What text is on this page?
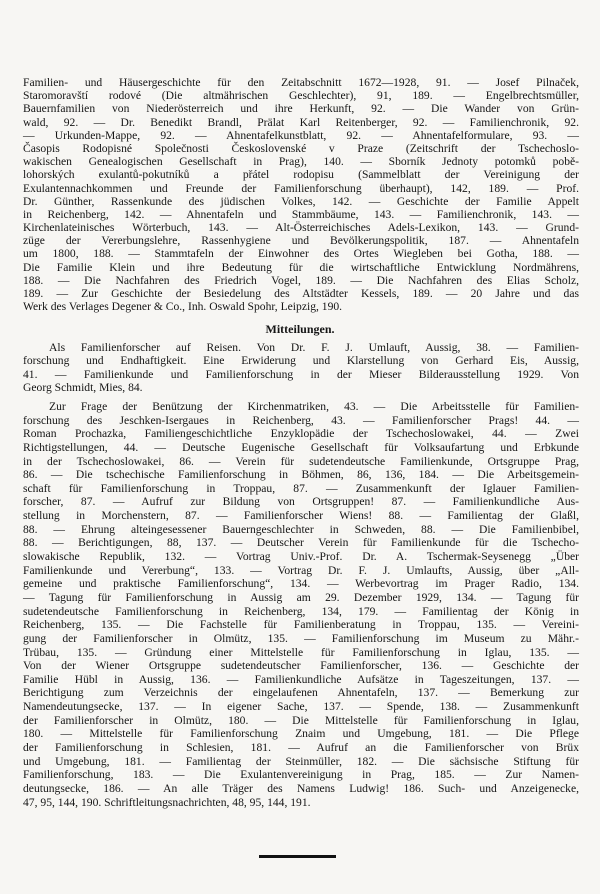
Familien- und Häusergeschichte für den Zeitabschnitt 1672—1928, 91. — Josef Pilnaček,
Staromoravští rodové (Die altmährischen Geschlechter), 91, 189. — Engelbrechtsmüller,
Bauernfamilien von Niederösterreich und ihre Herkunft, 92. — Die Wander von Grün-
wald, 92. — Dr. Benedikt Brandl, Prälat Karl Reitenberger, 92. — Familienchronik, 92.
— Urkunden-Mappe, 92. — Ahnentafelkunstblatt, 92. — Ahnentafelformulare, 93. —
Časopis Rodopisné Společnosti Československé v Praze (Zeitschrift der Tschechoslo-
wakischen Genealogischen Gesellschaft in Prag), 140. — Sborník Jednoty potomků pobě-
lohorských exulantů-pokutníků a přátel rodopisu (Sammelblatt der Vereinigung der
Exulantennachkommen und Freunde der Familienforschung überhaupt), 142, 189. — Prof.
Dr. Günther, Rassenkunde des jüdischen Volkes, 142. — Geschichte der Familie Appelt
in Reichenberg, 142. — Ahnentafeln und Stammbäume, 143. — Familienchronik, 143. —
Kirchenlateinisches Wörterbuch, 143. — Alt-Österreichisches Adels-Lexikon, 143. — Grund-
züge der Vererbungslehre, Rassenhygiene und Bevölkerungspolitik, 187. — Ahnentafeln
um 1800, 188. — Stammtafeln der Einwohner des Ortes Wiegleben bei Gotha, 188. —
Die Familie Klein und ihre Bedeutung für die wirtschaftliche Entwicklung Nordmährens,
188. — Die Nachfahren des Friedrich Vogel, 189. — Die Nachfahren des Elias Scholz,
189. — Zur Geschichte der Besiedelung des Altstädter Kessels, 189. — 20 Jahre und das
Werk des Verlages Degener & Co., Inh. Oswald Spohr, Leipzig, 190.
Mitteilungen.
Als Familienforscher auf Reisen. Von Dr. F. J. Umlauft, Aussig, 38. — Familien-
forschung und Endhaftigkeit. Eine Erwiderung und Klarstellung von Gerhard Eis, Aussig,
41. — Familienkunde und Familienforschung in der Mieser Bilderausstellung 1929. Von
Georg Schmidt, Mies, 84.
Zur Frage der Benützung der Kirchenmatriken, 43. — Die Arbeitsstelle für Familien-
forschung des Jeschken-Isergaues in Reichenberg, 43. — Familienforscher Prags! 44. —
Roman Prochazka, Familiengeschichtliche Enzyklopädie der Tschechoslowakei, 44. — Zwei
Richtigstellungen, 44. — Deutsche Eugenische Gesellschaft für Volksaufartung und Erbkunde
in der Tschechoslowakei, 86. — Verein für sudetendeutsche Familienkunde, Ortsgruppe Prag,
86. — Die tschechische Familienforschung in Böhmen, 86, 136, 184. — Die Arbeitsgemein-
schaft für Familienforschung in Troppau, 87. — Zusammenkunft der Iglauer Familien-
forscher, 87. — Aufruf zur Bildung von Ortsgruppen! 87. — Familienkundliche Aus-
stellung in Morchenstern, 87. — Familienforscher Wiens! 88. — Familientag der Glaßl,
88. — Ehrung alteingesessener Bauerngeschlechter in Schweden, 88. — Die Familienbibel,
88. — Berichtigungen, 88, 137. — Deutscher Verein für Familienkunde für die Tschecho-
slowakische Republik, 132. — Vortrag Univ.-Prof. Dr. A. Tschermak-Seysenegg „Über
Familienkunde und Vererbung“, 133. — Vortrag Dr. F. J. Umlaufts, Aussig, über „All-
gemeine und praktische Familienforschung“, 134. — Werbevortrag im Prager Radio, 134.
— Tagung für Familienforschung in Aussig am 29. Dezember 1929, 134. — Tagung für
sudetendeutsche Familienforschung in Reichenberg, 134, 179. — Familientag der König in
Reichenberg, 135. — Die Fachstelle für Familienberatung in Troppau, 135. — Vereini-
gung der Familienforscher in Olmütz, 135. — Familienforschung im Museum zu Mähr.-
Trübau, 135. — Gründung einer Mittelstelle für Familienforschung in Iglau, 135. —
Von der Wiener Ortsgruppe sudetendeutscher Familienforscher, 136. — Geschichte der
Familie Hübl in Aussig, 136. — Familienkundliche Aufsätze in Tageszeitungen, 137. —
Berichtigung zum Verzeichnis der eingelaufenen Ahnentafeln, 137. — Bemerkung zur
Namendeutungsecke, 137. — In eigener Sache, 137. — Spende, 138. — Zusammenkunft
der Familienforscher in Olmütz, 180. — Die Mittelstelle für Familienforschung in Iglau,
180. — Mittelstelle für Familienforschung Znaim und Umgebung, 181. — Die Pflege
der Familienforschung in Schlesien, 181. — Aufruf an die Familienforscher von Brüx
und Umgebung, 181. — Familientag der Steinmüller, 182. — Die sächsische Stiftung für
Familienforschung, 183. — Die Exulantenvereinigung in Prag, 185. — Zur Namen-
deutungsecke, 186. — An alle Träger des Namens Ludwig! 186. Such- und Anzeigenecke,
47, 95, 144, 190. Schriftleitungsnachrichten, 48, 95, 144, 191.
